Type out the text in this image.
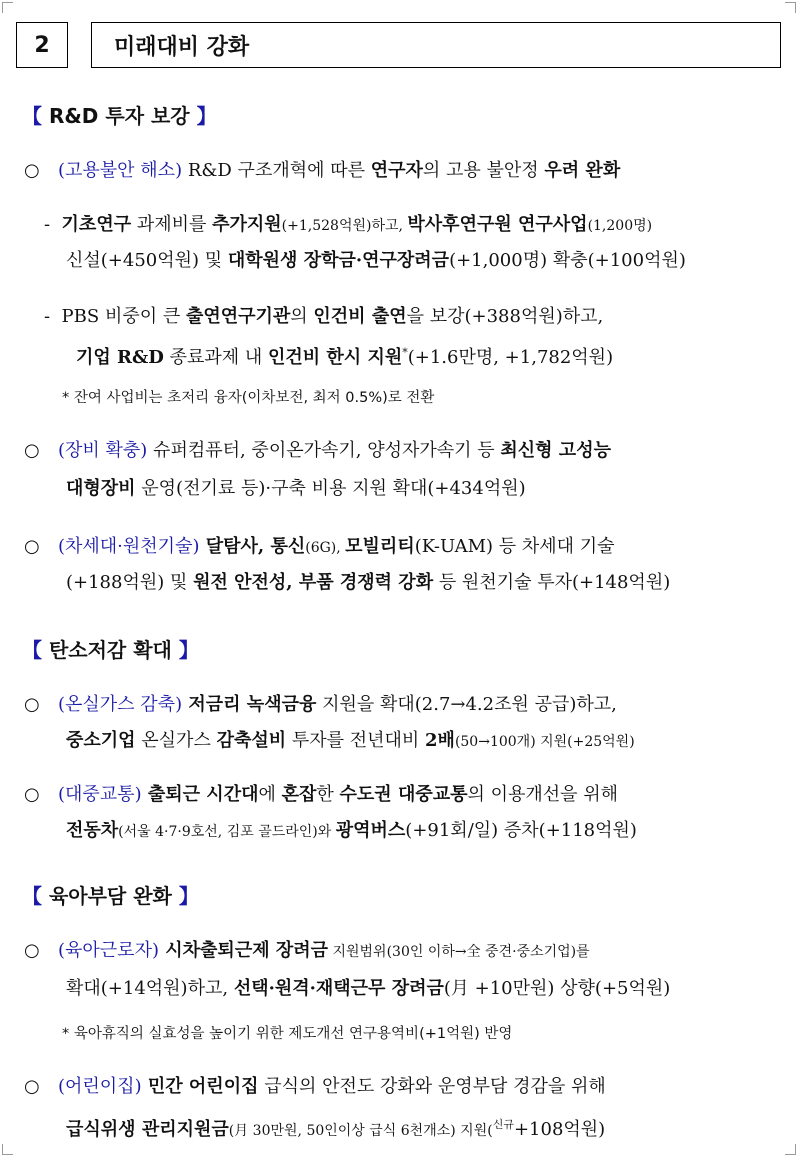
2	미래대비 강화
【 R&D 투자 보강 】
○ (고용불안 해소) R&D 구조개혁에 따른 연구자의 고용 불안정 우려 완화
- 기초연구 과제비를 추가지원(+1,528억원)하고, 박사후연구원 연구사업(1,200명)
신설(+450억원) 및 대학원생 장학금·연구장려금(+1,000명) 확충(+100억원)
- PBS 비중이 큰 출연연구기관의 인건비 출연을 보강(+388억원)하고,
기업 R&D 종료과제 내 인건비 한시 지원*(+1.6만명, +1,782억원)
* 잔여 사업비는 초저리 융자(이차보전, 최저 0.5%)로 전환
○ (장비 확충) 슈퍼컴퓨터, 중이온가속기, 양성자가속기 등 최신형 고성능
대형장비 운영(전기료 등)·구축 비용 지원 확대(+434억원)
○ (차세대·원천기술) 달탐사, 통신(6G), 모빌리티(K-UAM) 등 차세대 기술
(+188억원) 및 원전 안전성, 부품 경쟁력 강화 등 원천기술 투자(+148억원)
【 탄소저감 확대 】
○ (온실가스 감축) 저금리 녹색금융 지원을 확대(2.7→4.2조원 공급)하고,
중소기업 온실가스 감축설비 투자를 전년대비 2배(50→100개) 지원(+25억원)
○ (대중교통) 출퇴근 시간대에 혼잡한 수도권 대중교통의 이용개선을 위해
전동차(서울 4·7·9호선, 김포 골드라인)와 광역버스(+91회/일) 증차(+118억원)
【 육아부담 완화 】
○ (육아근로자) 시차출퇴근제 장려금 지원범위(30인 이하→全 중견·중소기업)를
확대(+14억원)하고, 선택·원격·재택근무 장려금(月 +10만원) 상향(+5억원)
* 육아휴직의 실효성을 높이기 위한 제도개선 연구용역비(+1억원) 반영
○ (어린이집) 민간 어린이집 급식의 안전도 강화와 운영부담 경감을 위해
급식위생 관리지원금(月 30만원, 50인이상 급식 6천개소) 지원($^{신규}$+108억원)
